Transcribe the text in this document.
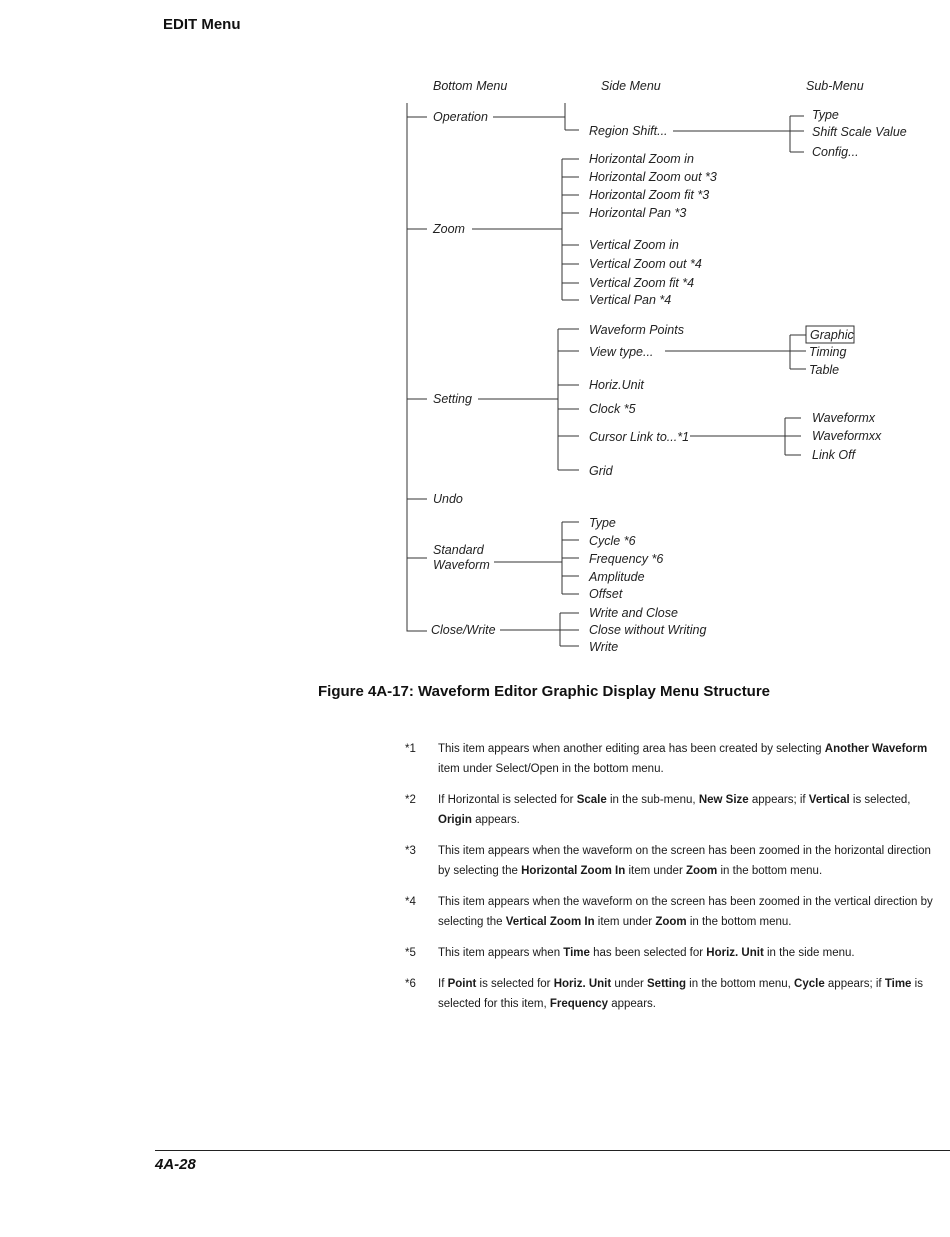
EDIT Menu
Bottom Menu	Side Menu	Sub-Menu
Operation
Zoom
Setting
Undo
Standard
Waveform
Close/Write
Region Shift...
Type
Shift Scale Value
Config...
Horizontal Zoom in
Horizontal Zoom out *3
Horizontal Zoom fit *3
Horizontal Pan *3
Vertical Zoom in
Vertical Zoom out *4
Vertical Zoom fit *4
Vertical Pan *4
Waveform Points
View type...
Horiz.Unit
Clock *5
Cursor Link to...*1
Grid
Graphic
Timing
Table
Waveformx
Waveformxx
Link Off
Type
Cycle *6
Frequency *6
Amplitude
Offset
Write and Close
Close without Writing
Write
Figure 4A-17: Waveform Editor Graphic Display Menu Structure
*1	This item appears when another editing area has been created by selecting Another Waveform item under Select/Open in the bottom menu.
*2	If Horizontal is selected for Scale in the sub-menu, New Size appears; if Vertical is selected, Origin appears.
*3	This item appears when the waveform on the screen has been zoomed in the horizontal direction by selecting the Horizontal Zoom In item under Zoom in the bottom menu.
*4	This item appears when the waveform on the screen has been zoomed in the vertical direction by selecting the Vertical Zoom In item under Zoom in the bottom menu.
*5	This item appears when Time has been selected for Horiz. Unit in the side menu.
*6	If Point is selected for Horiz. Unit under Setting in the bottom menu, Cycle appears; if Time is selected for this item, Frequency appears.
4A-28
